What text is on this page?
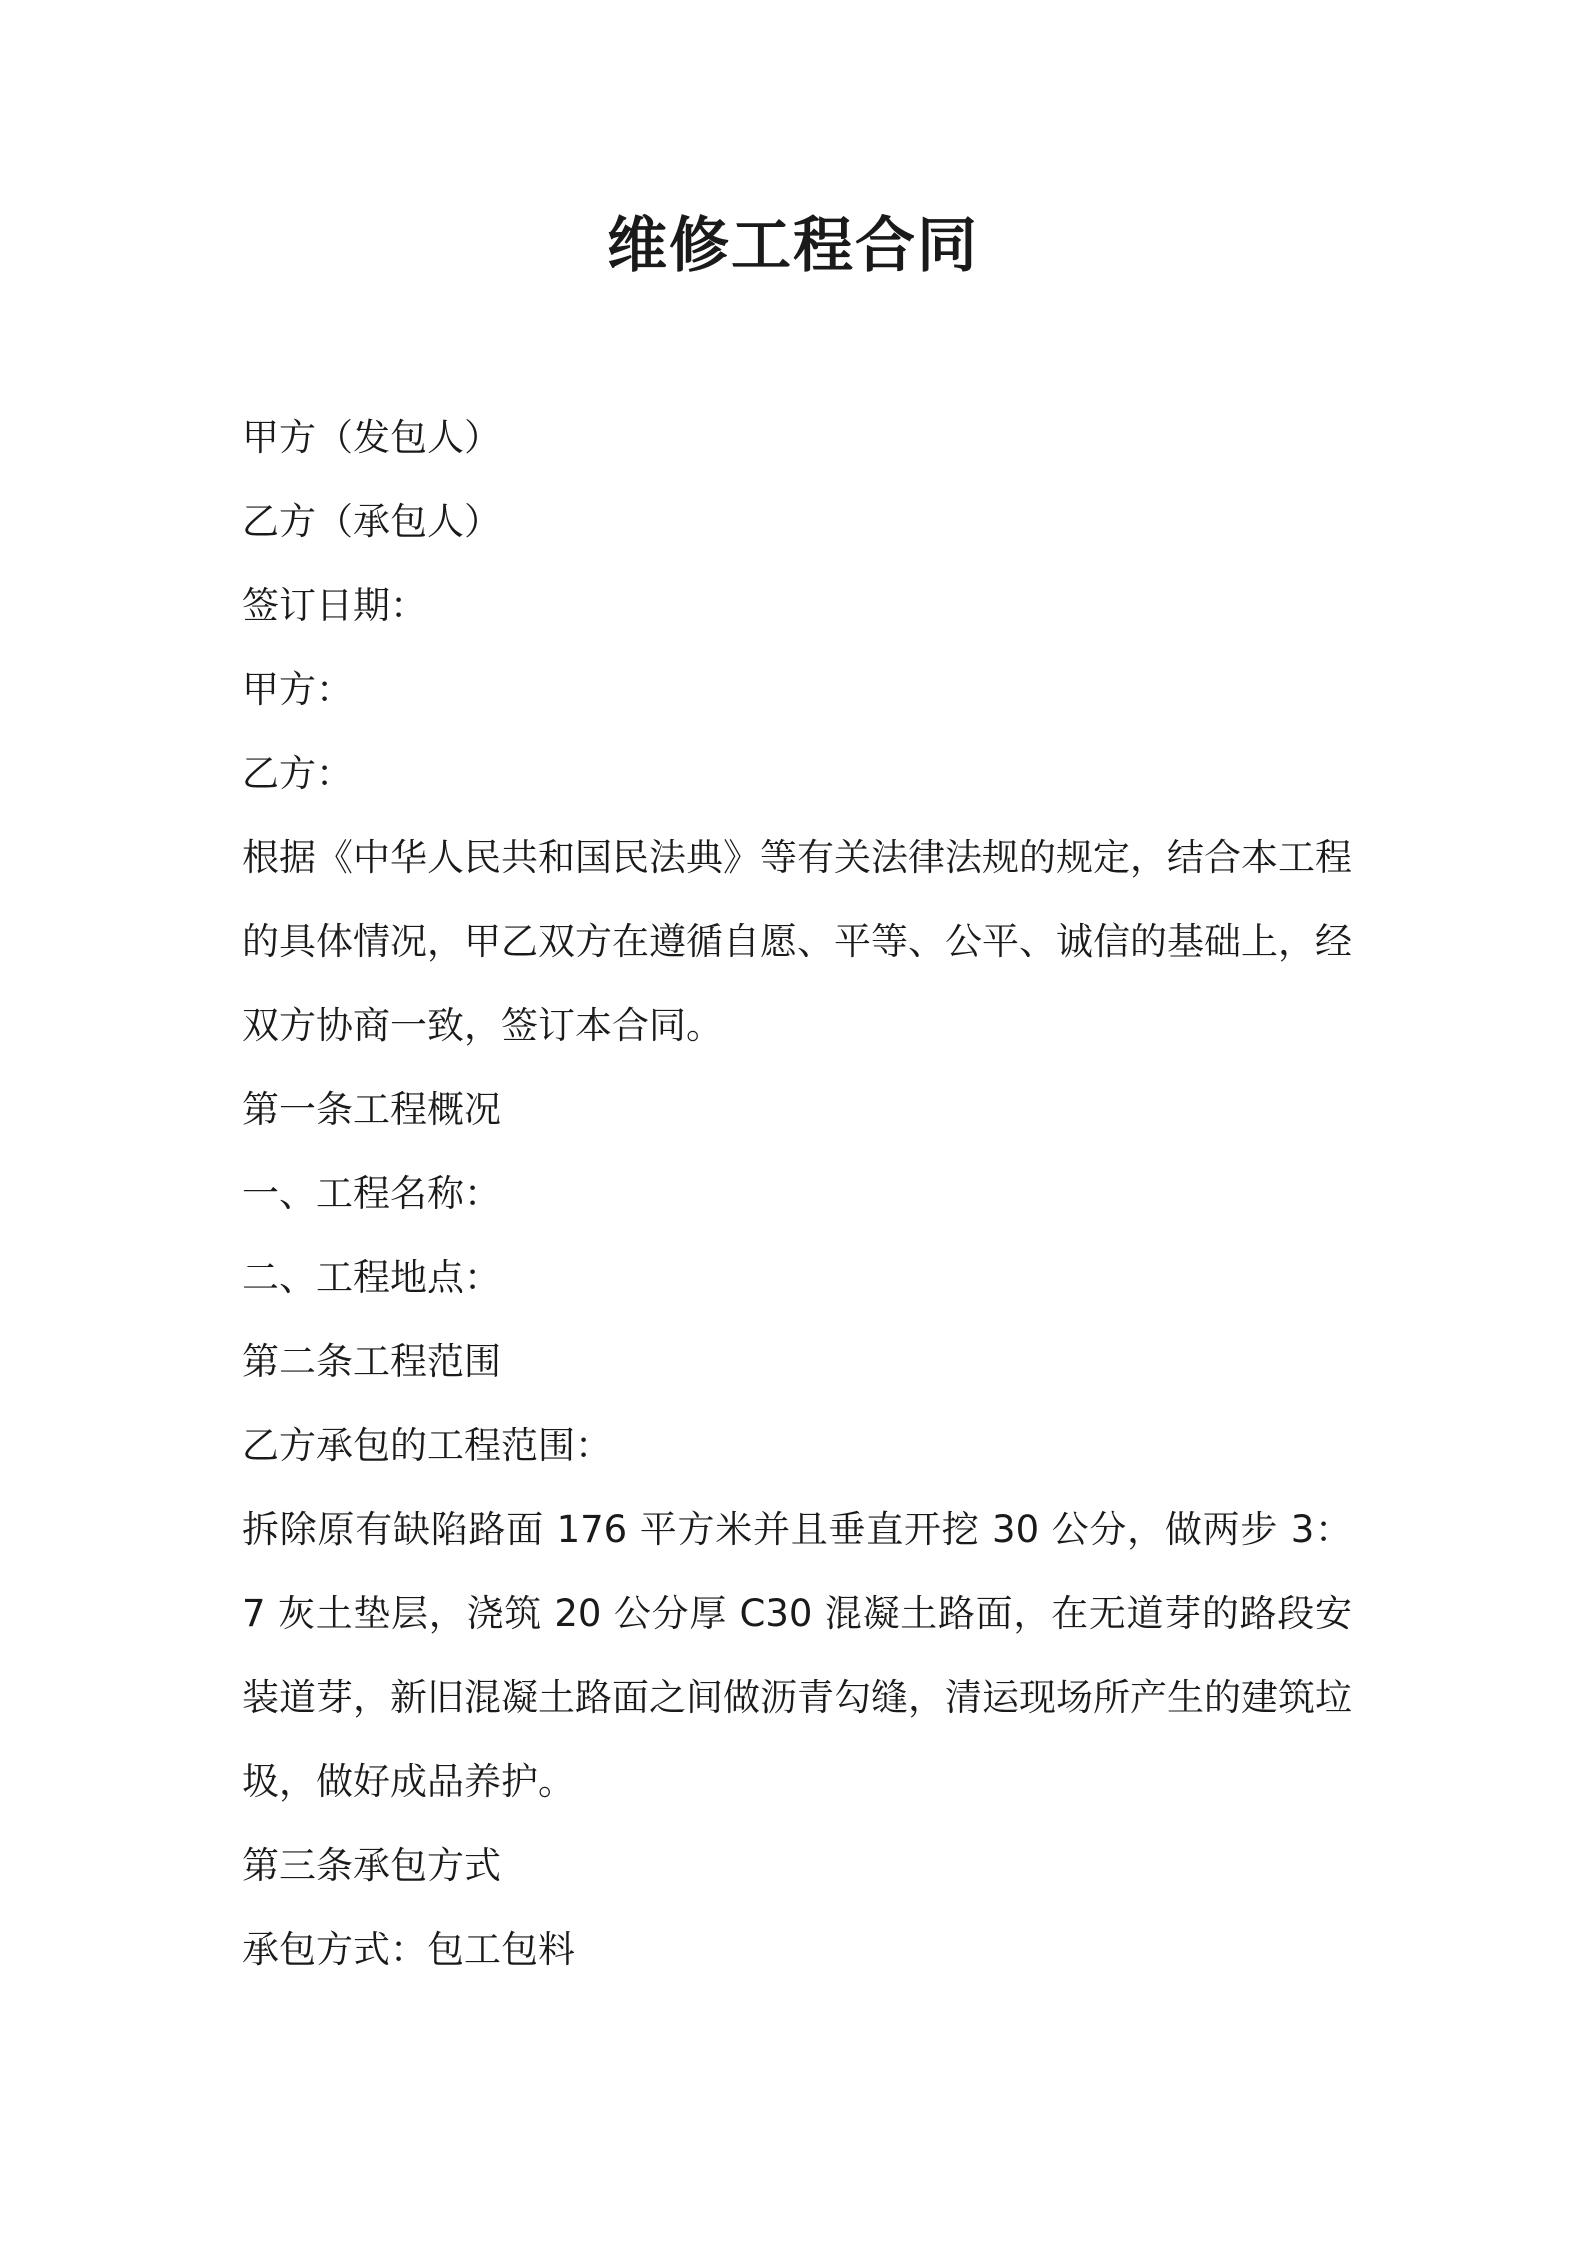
维修工程合同
甲方（发包人）
乙方（承包人）
签订日期：
甲方：
乙方：
根据《中华人民共和国民法典》等有关法律法规的规定，结合本工程的具体情况，甲乙双方在遵循自愿、平等、公平、诚信的基础上，经双方协商一致，签订本合同。
第一条工程概况
一、工程名称：
二、工程地点：
第二条工程范围
乙方承包的工程范围：
拆除原有缺陷路面 176 平方米并且垂直开挖 30 公分，做两步 3：7 灰土垫层，浇筑 20 公分厚 C30 混凝土路面，在无道芽的路段安装道芽，新旧混凝土路面之间做沥青勾缝，清运现场所产生的建筑垃圾，做好成品养护。
第三条承包方式
承包方式：包工包料
